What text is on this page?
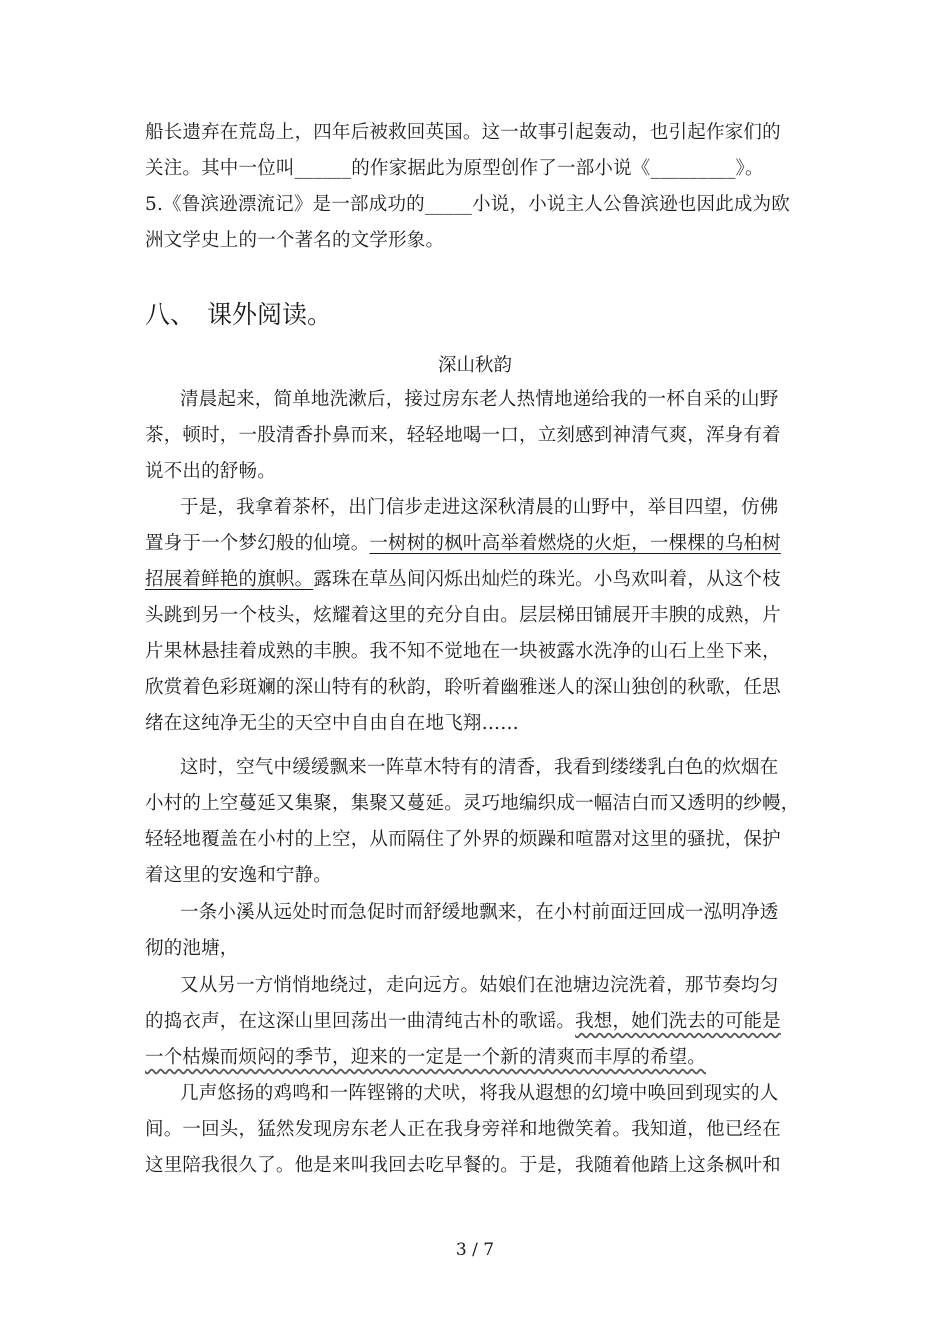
船长遗弃在荒岛上，四年后被救回英国。这一故事引起轰动，也引起作家们的
关注。其中一位叫______的作家据此为原型创作了一部小说《_________》。
5.《鲁滨逊漂流记》是一部成功的_____小说，小说主人公鲁滨逊也因此成为欧
洲文学史上的一个著名的文学形象。
八、 课外阅读。
深山秋韵
清晨起来，简单地洗漱后，接过房东老人热情地递给我的一杯自采的山野
茶，顿时，一股清香扑鼻而来，轻轻地喝一口，立刻感到神清气爽，浑身有着
说不出的舒畅。
于是，我拿着茶杯，出门信步走进这深秋清晨的山野中，举目四望，仿佛
置身于一个梦幻般的仙境。一树树的枫叶高举着燃烧的火炬，一棵棵的乌桕树
招展着鲜艳的旗帜。露珠在草丛间闪烁出灿烂的珠光。小鸟欢叫着，从这个枝
头跳到另一个枝头，炫耀着这里的充分自由。层层梯田铺展开丰腴的成熟，片
片果林悬挂着成熟的丰腴。我不知不觉地在一块被露水洗净的山石上坐下来，
欣赏着色彩斑斓的深山特有的秋韵，聆听着幽雅迷人的深山独创的秋歌，任思
绪在这纯净无尘的天空中自由自在地飞翔……
这时，空气中缓缓飘来一阵草木特有的清香，我看到缕缕乳白色的炊烟在
小村的上空蔓延又集聚，集聚又蔓延。灵巧地编织成一幅洁白而又透明的纱幔，
轻轻地覆盖在小村的上空，从而隔住了外界的烦躁和喧嚣对这里的骚扰，保护
着这里的安逸和宁静。
一条小溪从远处时而急促时而舒缓地飘来，在小村前面迂回成一泓明净透
彻的池塘，
又从另一方悄悄地绕过，走向远方。姑娘们在池塘边浣洗着，那节奏均匀
的捣衣声，在这深山里回荡出一曲清纯古朴的歌谣。我想，她们洗去的可能是
一个枯燥而烦闷的季节，迎来的一定是一个新的清爽而丰厚的希望。
几声悠扬的鸡鸣和一阵铿锵的犬吠，将我从遐想的幻境中唤回到现实的人
间。一回头，猛然发现房东老人正在我身旁祥和地微笑着。我知道，他已经在
这里陪我很久了。他是来叫我回去吃早餐的。于是，我随着他踏上这条枫叶和
3 / 7
